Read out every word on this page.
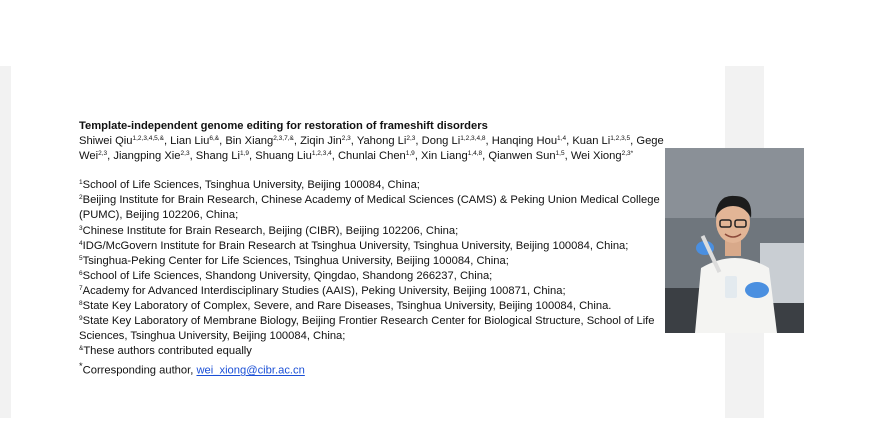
Template-independent genome editing for restoration of frameshift disorders

Shiwei Qiu$^{1,2,3,4,5,\&}$, Lian Liu$^{6,\&}$, Bin Xiang$^{2,3,7,\&}$, Ziqin Jin$^{2,3}$, Yahong Li$^{2,3}$, Dong Li$^{1,2,3,4,8}$, Hanqing Hou$^{1,4}$, Kuan Li$^{1,2,3,5}$, Gege Wei$^{2,3}$, Jiangping Xie$^{2,3}$, Shang Li$^{1,9}$, Shuang Liu$^{1,2,3,4}$, Chunlai Chen$^{1,9}$, Xin Liang$^{1,4,8}$, Qianwen Sun$^{1,5}$, Wei Xiong$^{2,3*}$

$^1$School of Life Sciences, Tsinghua University, Beijing 100084, China;
$^2$Beijing Institute for Brain Research, Chinese Academy of Medical Sciences (CAMS) & Peking Union Medical College (PUMC), Beijing 102206, China;
$^3$Chinese Institute for Brain Research, Beijing (CIBR), Beijing 102206, China;
$^4$IDG/McGovern Institute for Brain Research at Tsinghua University, Tsinghua University, Beijing 100084, China;
$^5$Tsinghua-Peking Center for Life Sciences, Tsinghua University, Beijing 100084, China;
$^6$School of Life Sciences, Shandong University, Qingdao, Shandong 266237, China;
$^7$Academy for Advanced Interdisciplinary Studies (AAIS), Peking University, Beijing 100871, China;
$^8$State Key Laboratory of Complex, Severe, and Rare Diseases, Tsinghua University, Beijing 100084, China.
$^9$State Key Laboratory of Membrane Biology, Beijing Frontier Research Center for Biological Structure, School of Life Sciences, Tsinghua University, Beijing 100084, China;
&These authors contributed equally
*Corresponding author, wei_xiong@cibr.ac.cn
